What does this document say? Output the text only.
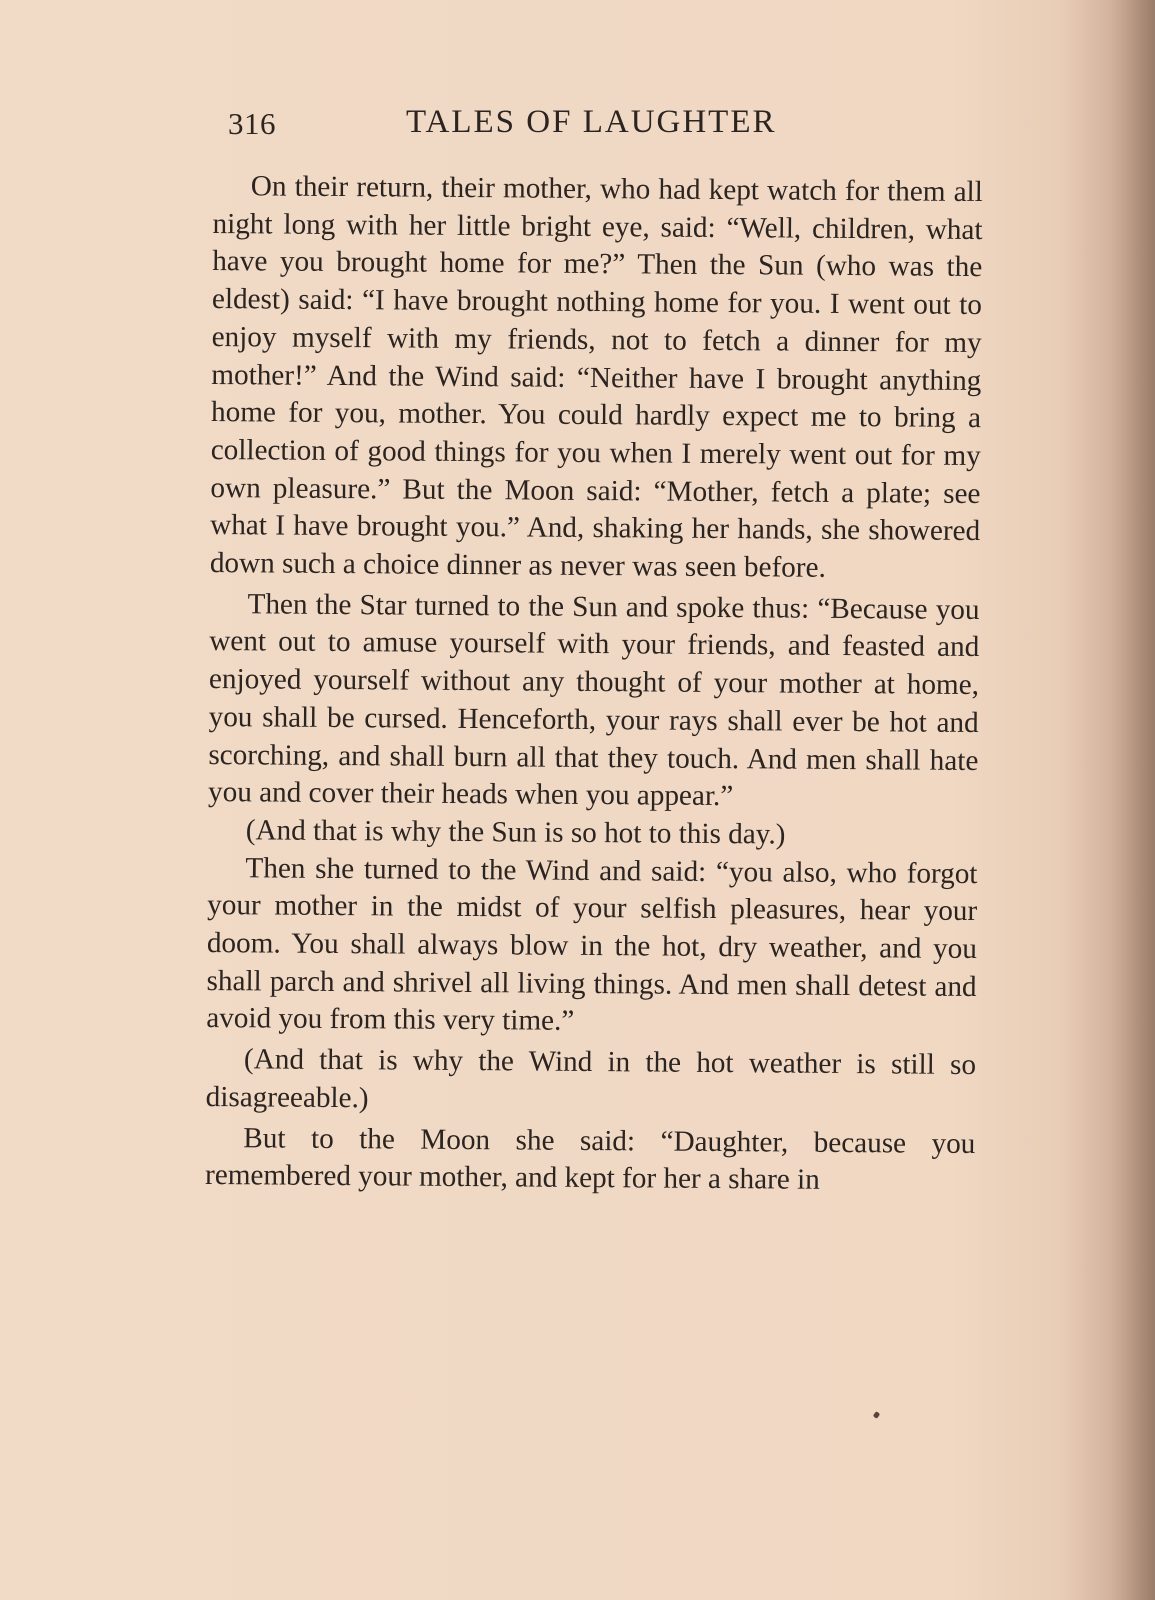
316	TALES OF LAUGHTER

On their return, their mother, who had kept watch for them all night long with her little bright eye, said: “Well, children, what have you brought home for me?” Then the Sun (who was the eldest) said: “I have brought nothing home for you. I went out to enjoy myself with my friends, not to fetch a dinner for my mother!” And the Wind said: “Neither have I brought anything home for you, mother. You could hardly expect me to bring a collection of good things for you when I merely went out for my own pleasure.” But the Moon said: “Mother, fetch a plate; see what I have brought you.” And, shaking her hands, she showered down such a choice dinner as never was seen before.

Then the Star turned to the Sun and spoke thus: “Because you went out to amuse yourself with your friends, and feasted and enjoyed yourself without any thought of your mother at home, you shall be cursed. Henceforth, your rays shall ever be hot and scorching, and shall burn all that they touch. And men shall hate you and cover their heads when you appear.”

(And that is why the Sun is so hot to this day.)

Then she turned to the Wind and said: “you also, who forgot your mother in the midst of your selfish pleasures, hear your doom. You shall always blow in the hot, dry weather, and you shall parch and shrivel all living things. And men shall detest and avoid you from this very time.”

(And that is why the Wind in the hot weather is still so disagreeable.)

But to the Moon she said: “Daughter, because you remembered your mother, and kept for her a share in
